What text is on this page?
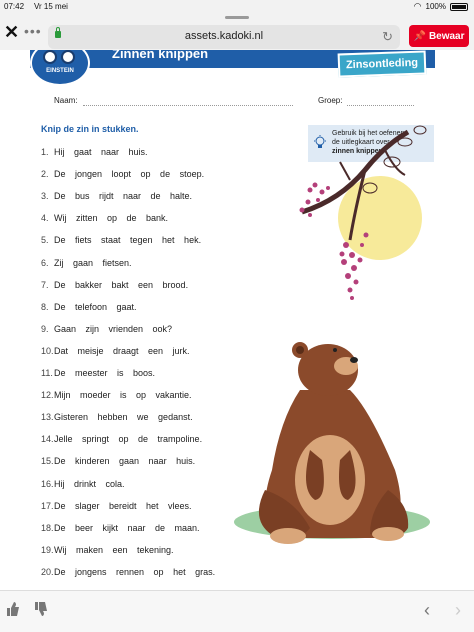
07:42 Vr 15 mei	◠ 100%
✕ •••	assets.kadoki.nl	↻ 📌 Bewaar
Zinnen knippen
EINSTEIN	Zinsontleding
Naam:	Groep:
Knip de zin in stukken.
1. Hij gaat naar huis.
2. De jongen loopt op de stoep.
3. De bus rijdt naar de halte.
4. Wij zitten op de bank.
5. De fiets staat tegen het hek.
6. Zij gaan fietsen.
7. De bakker bakt een brood.
8. De telefoon gaat.
9. Gaan zijn vrienden ook?
10. Dat meisje draagt een jurk.
11. De meester is boos.
12. Mijn moeder is op vakantie.
13. Gisteren hebben we gedanst.
14. Jelle springt op de trampoline.
15. De kinderen gaan naar huis.
16. Hij drinkt cola.
17. De slager bereidt het vlees.
18. De beer kijkt naar de maan.
19. Wij maken een tekening.
20. De jongens rennen op het gras.
Gebruik bij het oefenen
de uitlegkaart over
zinnen knippen
‹ ›
